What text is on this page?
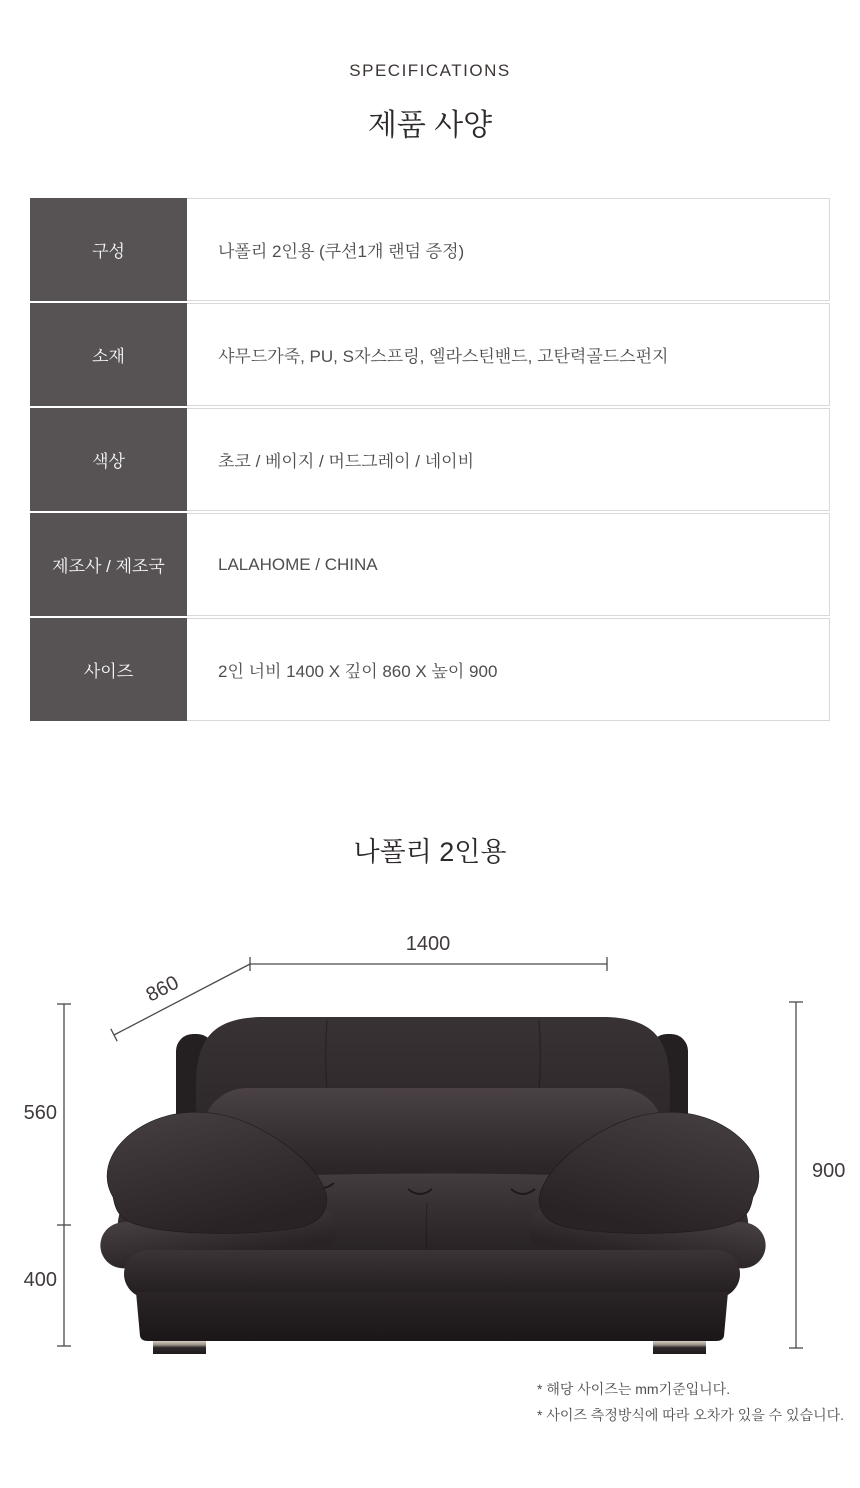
SPECIFICATIONS
제품 사양
구성	나폴리 2인용 (쿠션1개 랜덤 증정)
소재	샤무드가죽, PU, S자스프링, 엘라스틴밴드, 고탄력골드스펀지
색상	초코 / 베이지 / 머드그레이 / 네이비
제조사 / 제조국	LALAHOME / CHINA
사이즈	2인 너비 1400 X 깊이 860 X 높이 900
나폴리 2인용
1400
860
560
400
900
* 해당 사이즈는 mm기준입니다.
* 사이즈 측정방식에 따라 오차가 있을 수 있습니다.
